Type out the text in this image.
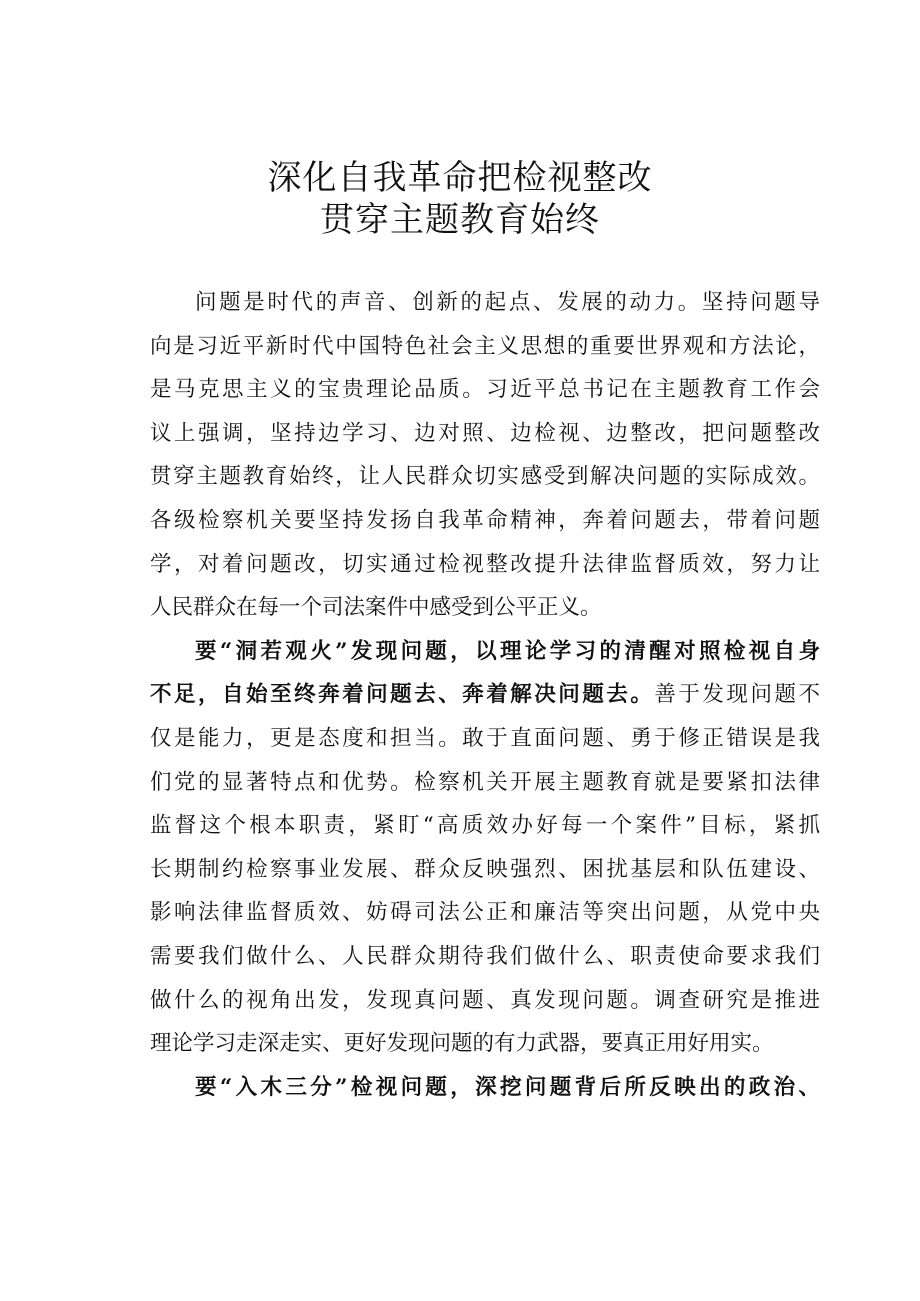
深化自我革命把检视整改
贯穿主题教育始终
问题是时代的声音、创新的起点、发展的动力。坚持问题导
向是习近平新时代中国特色社会主义思想的重要世界观和方法论，
是马克思主义的宝贵理论品质。习近平总书记在主题教育工作会
议上强调，坚持边学习、边对照、边检视、边整改，把问题整改
贯穿主题教育始终，让人民群众切实感受到解决问题的实际成效。
各级检察机关要坚持发扬自我革命精神，奔着问题去，带着问题
学，对着问题改，切实通过检视整改提升法律监督质效，努力让
人民群众在每一个司法案件中感受到公平正义。
要“洞若观火”发现问题，以理论学习的清醒对照检视自身
不足，自始至终奔着问题去、奔着解决问题去。善于发现问题不
仅是能力，更是态度和担当。敢于直面问题、勇于修正错误是我
们党的显著特点和优势。检察机关开展主题教育就是要紧扣法律
监督这个根本职责，紧盯“高质效办好每一个案件”目标，紧抓
长期制约检察事业发展、群众反映强烈、困扰基层和队伍建设、
影响法律监督质效、妨碍司法公正和廉洁等突出问题，从党中央
需要我们做什么、人民群众期待我们做什么、职责使命要求我们
做什么的视角出发，发现真问题、真发现问题。调查研究是推进
理论学习走深走实、更好发现问题的有力武器，要真正用好用实。
要“入木三分”检视问题，深挖问题背后所反映出的政治、
